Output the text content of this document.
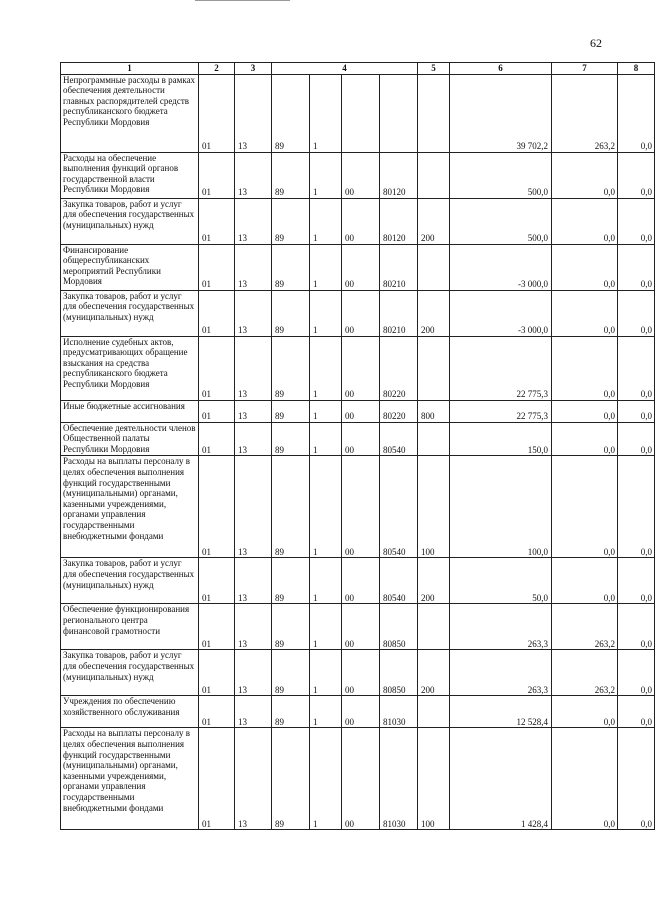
62
1	2	3	4				5	6	7	8

Непрограммные расходы в рамках обеспечения деятельности главных распорядителей средств республиканского бюджета Республики Мордовия	01	13	89	1				39 702,2	263,2	0,0

Расходы на обеспечение выполнения функций органов государственной власти Республики Мордовия	01	13	89	1	00	80120		500,0	0,0	0,0

Закупка товаров, работ и услуг для обеспечения государственных (муниципальных) нужд	01	13	89	1	00	80120	200	500,0	0,0	0,0

Финансирование общереспубликанских мероприятий Республики Мордовия	01	13	89	1	00	80210		-3 000,0	0,0	0,0

Закупка товаров, работ и услуг для обеспечения государственных (муниципальных) нужд	01	13	89	1	00	80210	200	-3 000,0	0,0	0,0

Исполнение судебных актов, предусматривающих обращение взыскания на средства республиканского бюджета Республики Мордовия	01	13	89	1	00	80220		22 775,3	0,0	0,0

Иные бюджетные ассигнования	01	13	89	1	00	80220	800	22 775,3	0,0	0,0

Обеспечение деятельности членов Общественной палаты Республики Мордовия	01	13	89	1	00	80540		150,0	0,0	0,0

Расходы на выплаты персоналу в целях обеспечения выполнения функций государственными (муниципальными) органами, казенными учреждениями, органами управления государственными внебюджетными фондами	01	13	89	1	00	80540	100	100,0	0,0	0,0

Закупка товаров, работ и услуг для обеспечения государственных (муниципальных) нужд	01	13	89	1	00	80540	200	50,0	0,0	0,0

Обеспечение функционирования регионального центра финансовой грамотности	01	13	89	1	00	80850		263,3	263,2	0,0

Закупка товаров, работ и услуг для обеспечения государственных (муниципальных) нужд	01	13	89	1	00	80850	200	263,3	263,2	0,0

Учреждения по обеспечению хозяйственного обслуживания	01	13	89	1	00	81030		12 528,4	0,0	0,0

Расходы на выплаты персоналу в целях обеспечения выполнения функций государственными (муниципальными) органами, казенными учреждениями, органами управления государственными внебюджетными фондами	01	13	89	1	00	81030	100	1 428,4	0,0	0,0
